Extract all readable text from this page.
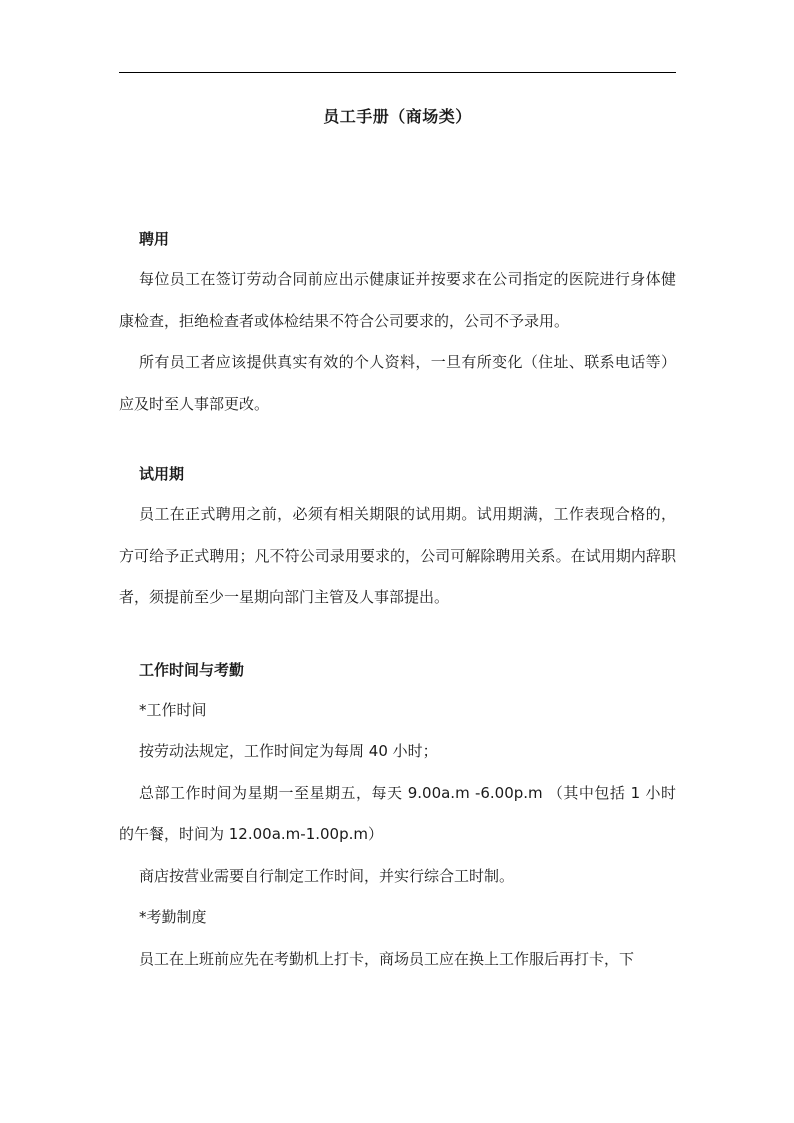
员工手册（商场类）
聘用

每位员工在签订劳动合同前应出示健康证并按要求在公司指定的医院进行身体健康检查，拒绝检查者或体检结果不符合公司要求的，公司不予录用。

所有员工者应该提供真实有效的个人资料，一旦有所变化（住址、联系电话等）应及时至人事部更改。

试用期

员工在正式聘用之前，必须有相关期限的试用期。试用期满，工作表现合格的，方可给予正式聘用；凡不符公司录用要求的，公司可解除聘用关系。在试用期内辞职者，须提前至少一星期向部门主管及人事部提出。

工作时间与考勤

*工作时间

按劳动法规定，工作时间定为每周 40 小时；

总部工作时间为星期一至星期五，每天 9.00a.m -6.00p.m （其中包括 1 小时的午餐，时间为 12.00a.m-1.00p.m）

商店按营业需要自行制定工作时间，并实行综合工时制。

*考勤制度

员工在上班前应先在考勤机上打卡，商场员工应在换上工作服后再打卡，下
